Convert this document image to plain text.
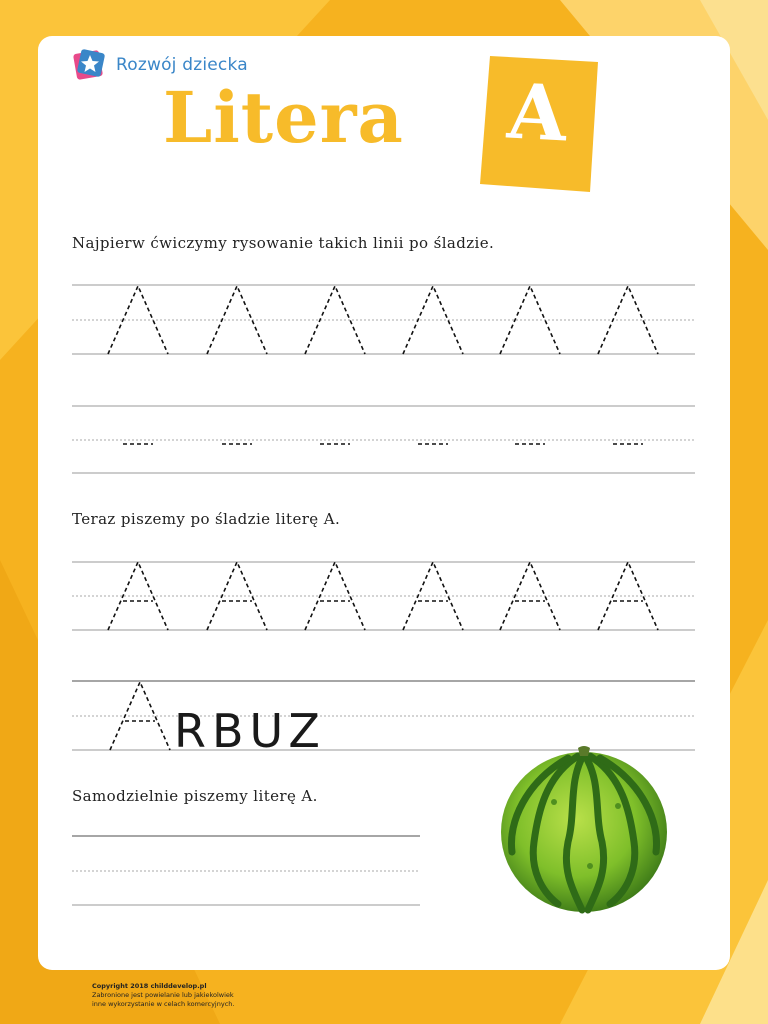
Rozwój dziecka
Litera	A
Najpierw ćwiczymy rysowanie takich linii po śladzie.
Teraz piszemy po śladzie literę A.
Samodzielnie piszemy literę A.
RBUZ
Copyright 2018 childdevelop.pl
Zabronione jest powielanie lub jakiekolwiek
inne wykorzystanie w celach komercyjnych.
